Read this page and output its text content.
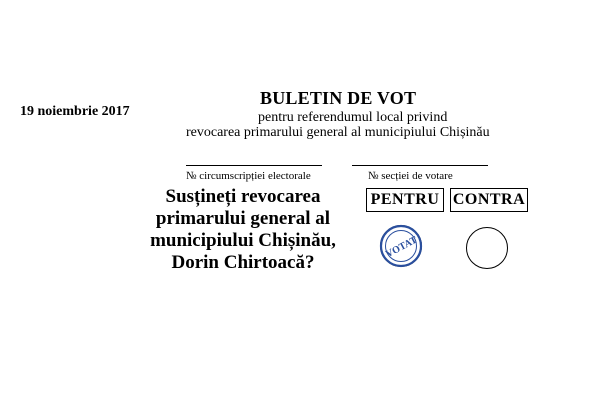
19 noiembrie 2017
BULETIN DE VOT
pentru referendumul local privind
revocarea primarului general al municipiului Chișinău
№ circumscripției electorale	№ secției de votare
Susțineți revocarea primarului general al municipiului Chișinău, Dorin Chirtoacă?
PENTRU CONTRA
VOTAT
